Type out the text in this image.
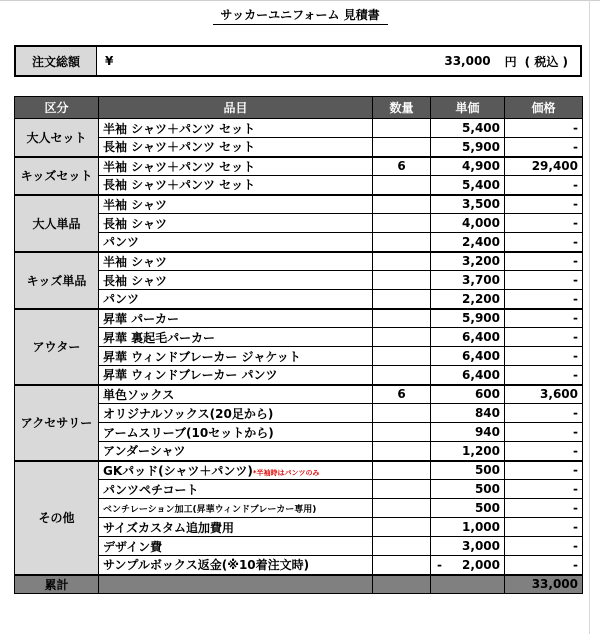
サッカーユニフォーム 見積書
注文総額	¥	33,000	円 ( 税込 )
区分	品目	数量	単価	価格
大人セット	半袖 シャツ＋パンツ セット		5,400	-
	長袖 シャツ＋パンツ セット		5,900	-
キッズセット	半袖 シャツ＋パンツ セット	6	4,900	29,400
	長袖 シャツ＋パンツ セット		5,400	-
大人単品	半袖 シャツ		3,500	-
	長袖 シャツ		4,000	-
	パンツ		2,400	-
キッズ単品	半袖 シャツ		3,200	-
	長袖 シャツ		3,700	-
	パンツ		2,200	-
アウター	昇華 パーカー		5,900	-
	昇華 裏起毛パーカー		6,400	-
	昇華 ウィンドブレーカー ジャケット		6,400	-
	昇華 ウィンドブレーカー パンツ		6,400	-
アクセサリー	単色ソックス	6	600	3,600
	オリジナルソックス(20足から)		840	-
	アームスリーブ(10セットから)		940	-
	アンダーシャツ		1,200	-
その他	GKパッド(シャツ＋パンツ)*半袖時はパンツのみ		500	-
	パンツペチコート		500	-
	ベンチレーション加工(昇華ウィンドブレーカー専用)		500	-
	サイズカスタム追加費用		1,000	-
	デザイン費		3,000	-
	サンプルボックス返金(※10着注文時)		- 2,000	-
累計				33,000
